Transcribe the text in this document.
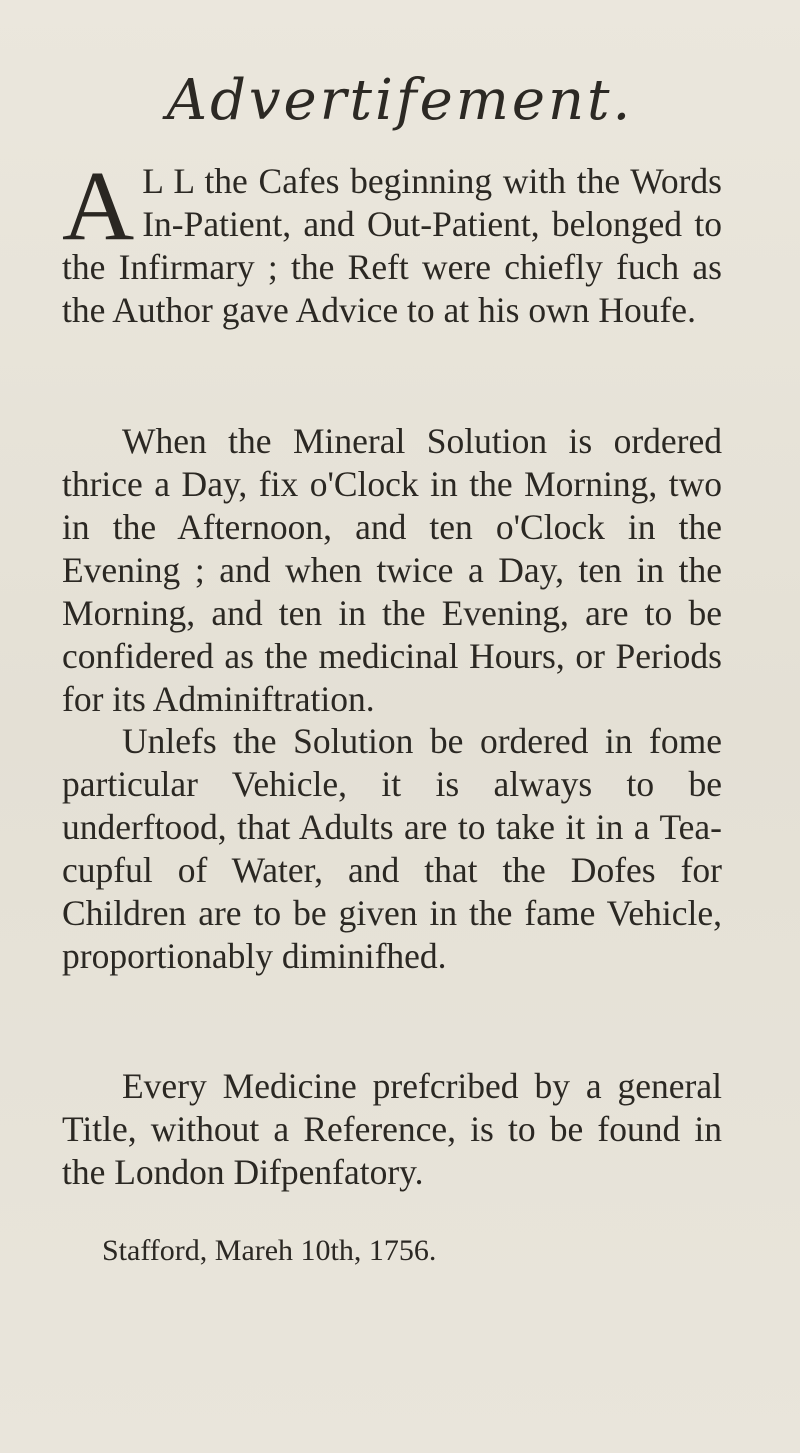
Advertifement.

A L L the Cafes beginning with the Words In-Patient, and Out-Patient, belonged to the Infirmary ; the Reft were chiefly fuch as the Author gave Advice to at his own Houfe.

When the Mineral Solution is ordered thrice a Day, fix o'Clock in the Morning, two in the Afternoon, and ten o'Clock in the Evening ; and when twice a Day, ten in the Morning, and ten in the Evening, are to be confidered as the medicinal Hours, or Periods for its Adminiftration.

Unlefs the Solution be ordered in fome particular Vehicle, it is always to be underftood, that Adults are to take it in a Tea-cupful of Water, and that the Dofes for Children are to be given in the fame Vehicle, proportionably diminifhed.

Every Medicine prefcribed by a general Title, without a Reference, is to be found in the London Difpenfatory.

Stafford, Mareh 10th, 1756.
